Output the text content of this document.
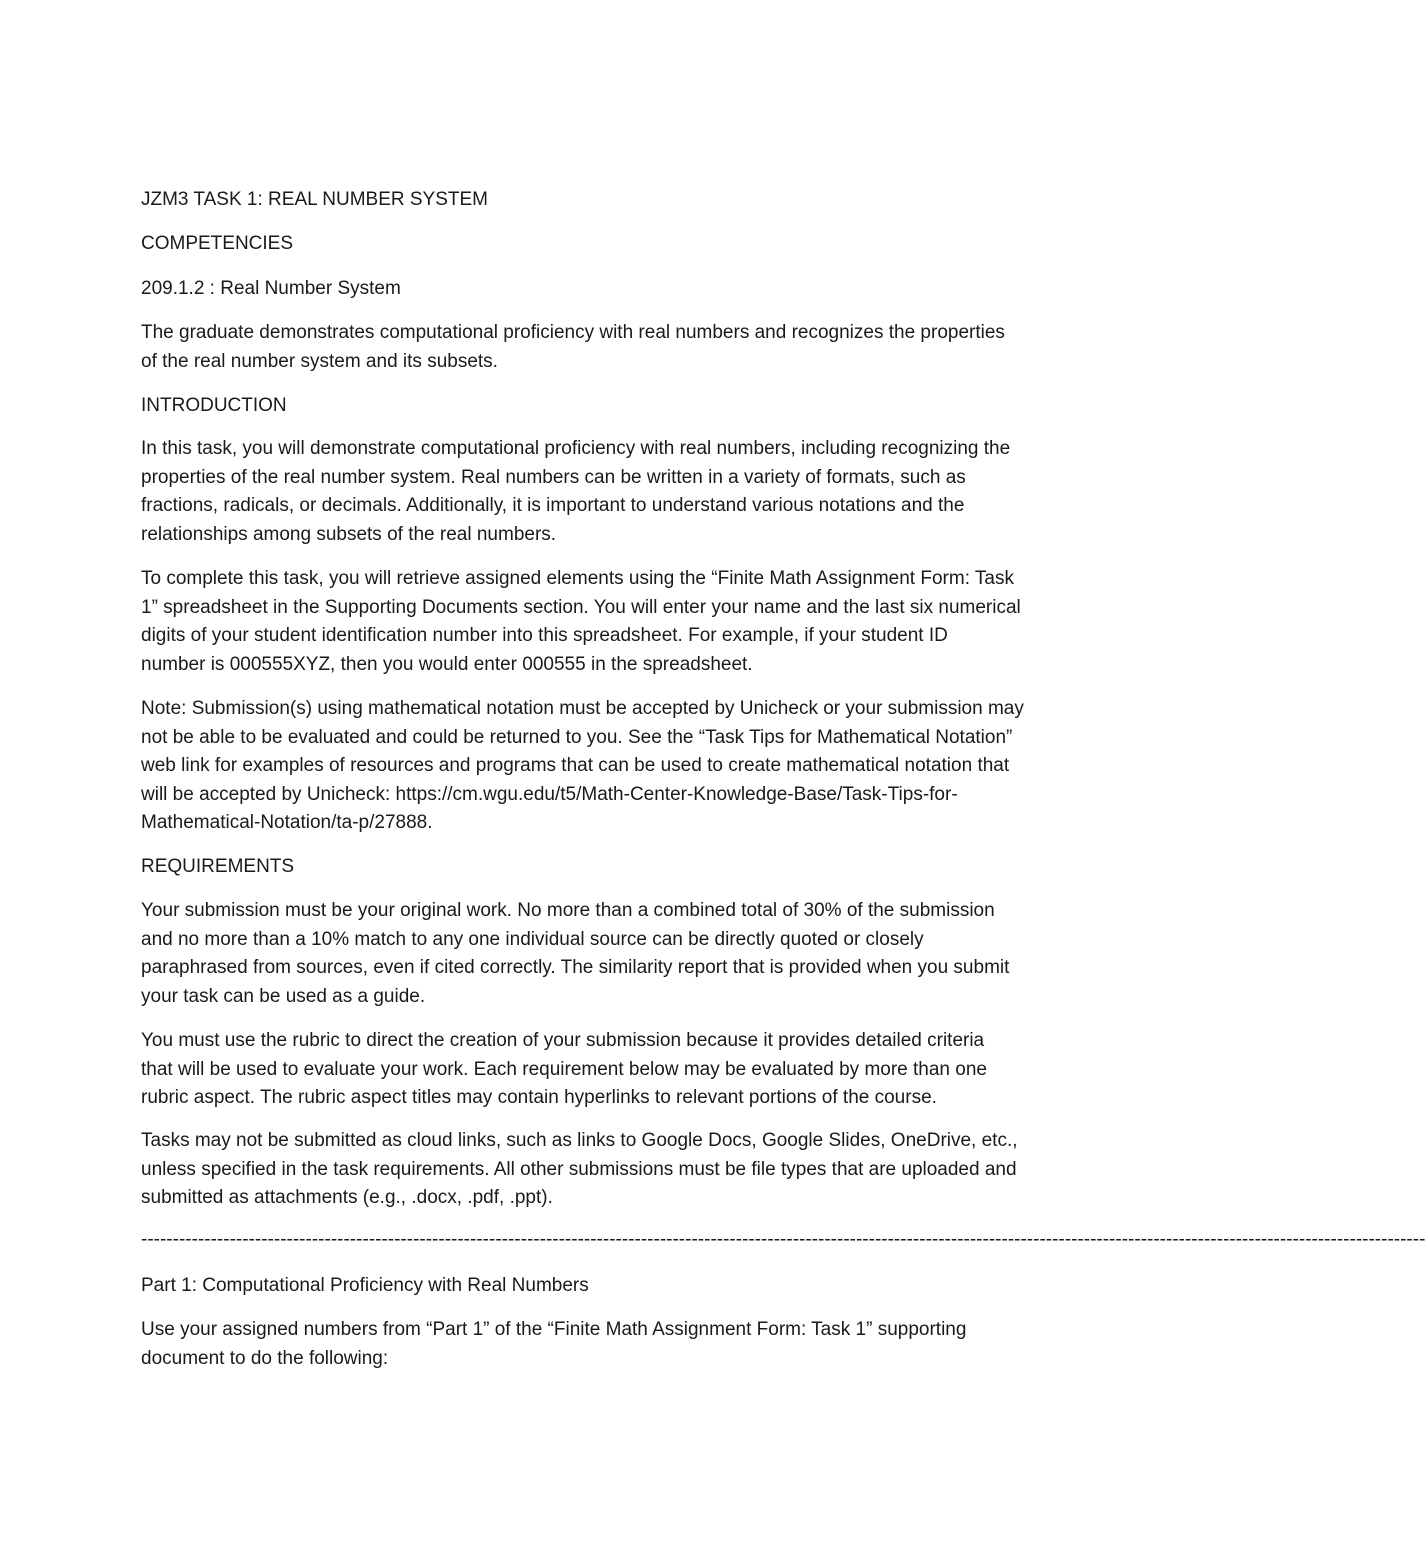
JZM3 TASK 1: REAL NUMBER SYSTEM

COMPETENCIES

209.1.2 : Real Number System

The graduate demonstrates computational proficiency with real numbers and recognizes the properties
of the real number system and its subsets.

INTRODUCTION

In this task, you will demonstrate computational proficiency with real numbers, including recognizing the
properties of the real number system. Real numbers can be written in a variety of formats, such as
fractions, radicals, or decimals. Additionally, it is important to understand various notations and the
relationships among subsets of the real numbers.

To complete this task, you will retrieve assigned elements using the “Finite Math Assignment Form: Task
1” spreadsheet in the Supporting Documents section. You will enter your name and the last six numerical
digits of your student identification number into this spreadsheet. For example, if your student ID
number is 000555XYZ, then you would enter 000555 in the spreadsheet.

Note: Submission(s) using mathematical notation must be accepted by Unicheck or your submission may
not be able to be evaluated and could be returned to you. See the “Task Tips for Mathematical Notation”
web link for examples of resources and programs that can be used to create mathematical notation that
will be accepted by Unicheck: https://cm.wgu.edu/t5/Math-Center-Knowledge-Base/Task-Tips-for-
Mathematical-Notation/ta-p/27888.

REQUIREMENTS

Your submission must be your original work. No more than a combined total of 30% of the submission
and no more than a 10% match to any one individual source can be directly quoted or closely
paraphrased from sources, even if cited correctly. The similarity report that is provided when you submit
your task can be used as a guide.

You must use the rubric to direct the creation of your submission because it provides detailed criteria
that will be used to evaluate your work. Each requirement below may be evaluated by more than one
rubric aspect. The rubric aspect titles may contain hyperlinks to relevant portions of the course.

Tasks may not be submitted as cloud links, such as links to Google Docs, Google Slides, OneDrive, etc.,
unless specified in the task requirements. All other submissions must be file types that are uploaded and
submitted as attachments (e.g., .docx, .pdf, .ppt).

-----------------------------------------------------------------------------------------------------------------------------------------------------------------------------------------------------------

Part 1: Computational Proficiency with Real Numbers

Use your assigned numbers from “Part 1” of the “Finite Math Assignment Form: Task 1” supporting
document to do the following:
